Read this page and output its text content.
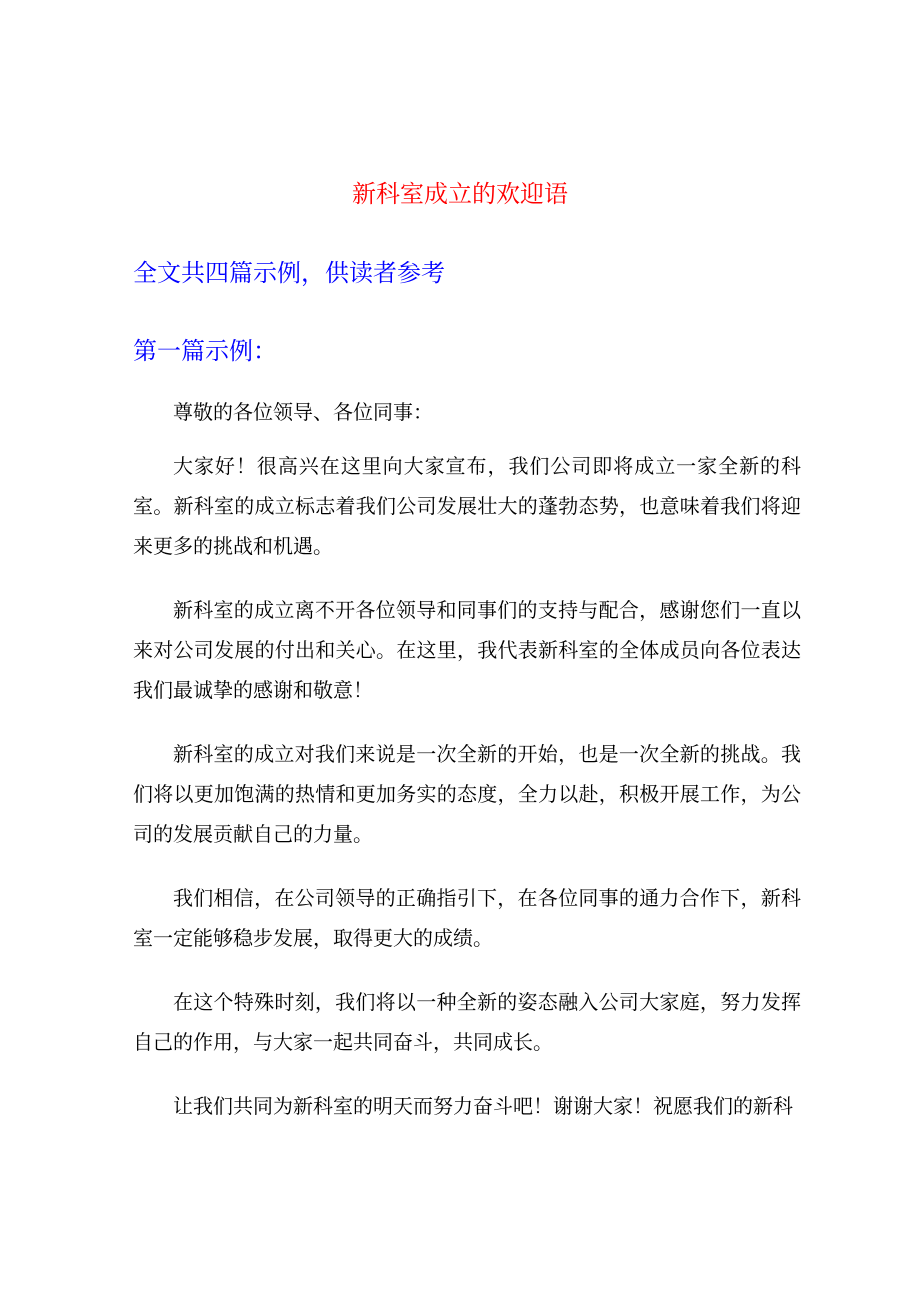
新科室成立的欢迎语
全文共四篇示例，供读者参考
第一篇示例：

尊敬的各位领导、各位同事：

大家好！很高兴在这里向大家宣布，我们公司即将成立一家全新的科室。新科室的成立标志着我们公司发展壮大的蓬勃态势，也意味着我们将迎来更多的挑战和机遇。

新科室的成立离不开各位领导和同事们的支持与配合，感谢您们一直以来对公司发展的付出和关心。在这里，我代表新科室的全体成员向各位表达我们最诚挚的感谢和敬意！

新科室的成立对我们来说是一次全新的开始，也是一次全新的挑战。我们将以更加饱满的热情和更加务实的态度，全力以赴，积极开展工作，为公司的发展贡献自己的力量。

我们相信，在公司领导的正确指引下，在各位同事的通力合作下，新科室一定能够稳步发展，取得更大的成绩。

在这个特殊时刻，我们将以一种全新的姿态融入公司大家庭，努力发挥自己的作用，与大家一起共同奋斗，共同成长。

让我们共同为新科室的明天而努力奋斗吧！谢谢大家！祝愿我们的新科
